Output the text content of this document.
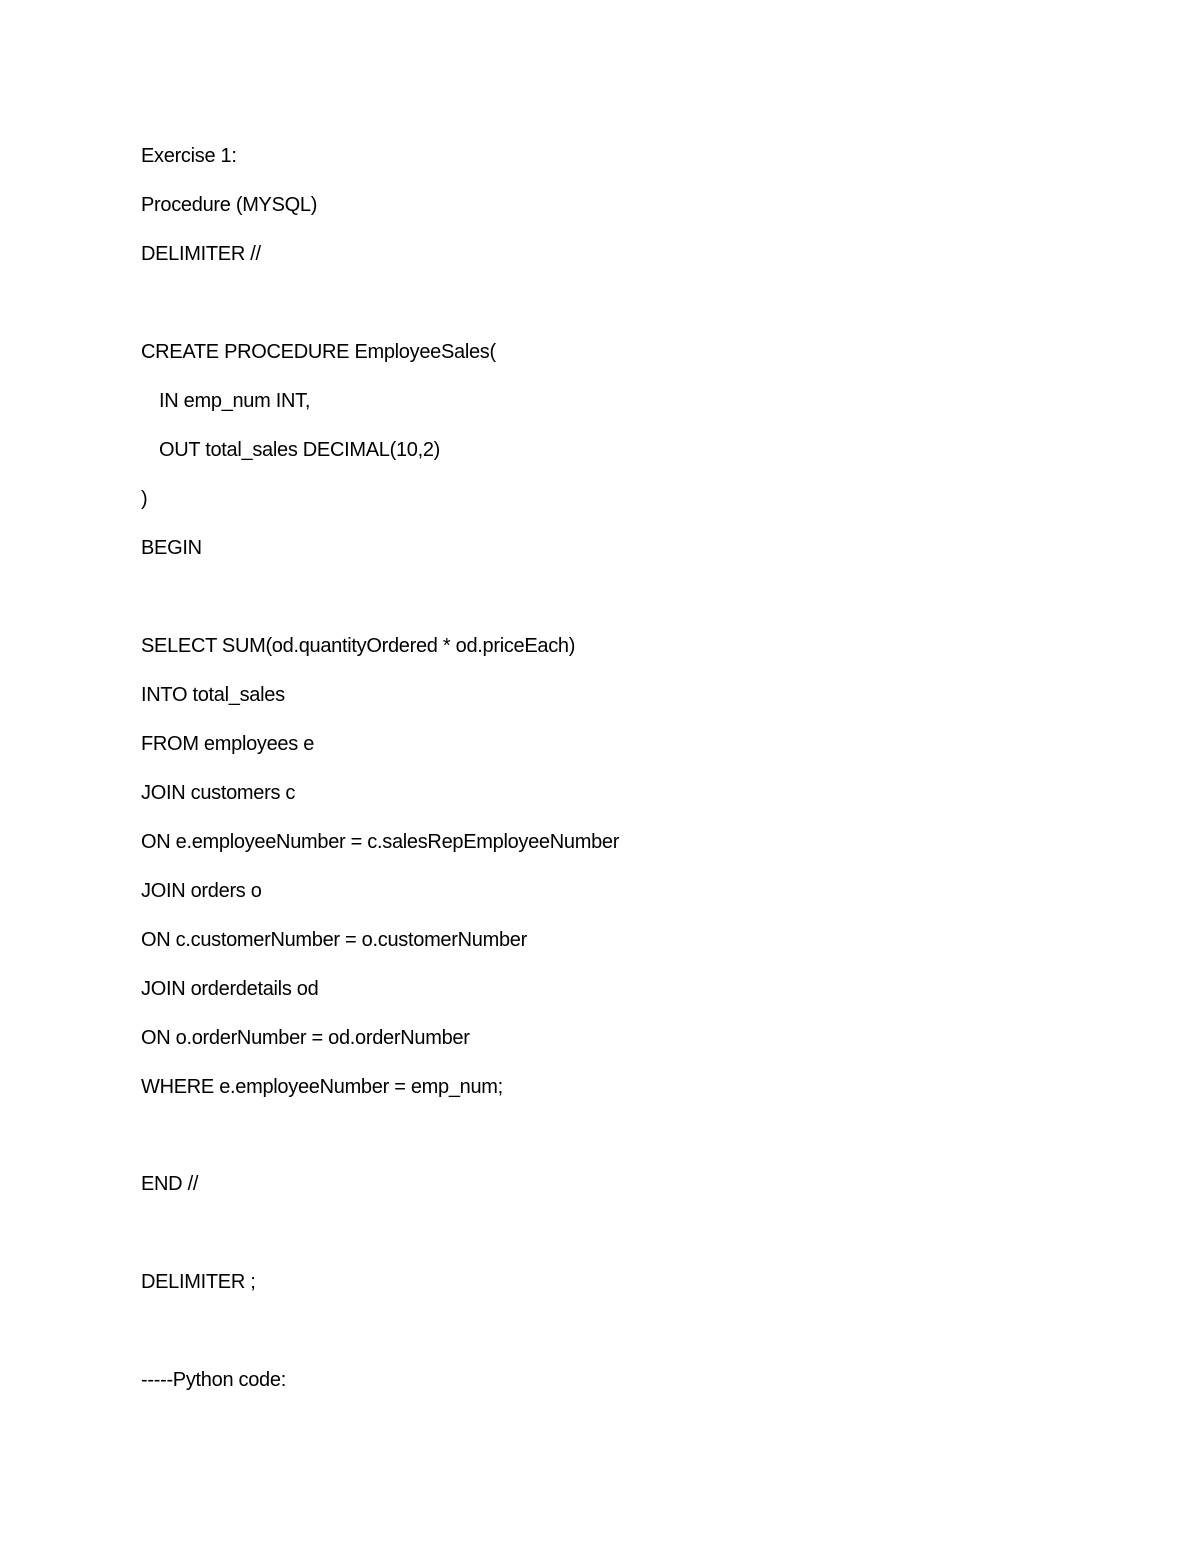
Exercise 1:
Procedure (MYSQL)
DELIMITER //
CREATE PROCEDURE EmployeeSales(
IN emp_num INT,
OUT total_sales DECIMAL(10,2)
)
BEGIN
SELECT SUM(od.quantityOrdered * od.priceEach)
INTO total_sales
FROM employees e
JOIN customers c
ON e.employeeNumber = c.salesRepEmployeeNumber
JOIN orders o
ON c.customerNumber = o.customerNumber
JOIN orderdetails od
ON o.orderNumber = od.orderNumber
WHERE e.employeeNumber = emp_num;
END //
DELIMITER ;
-----Python code:
